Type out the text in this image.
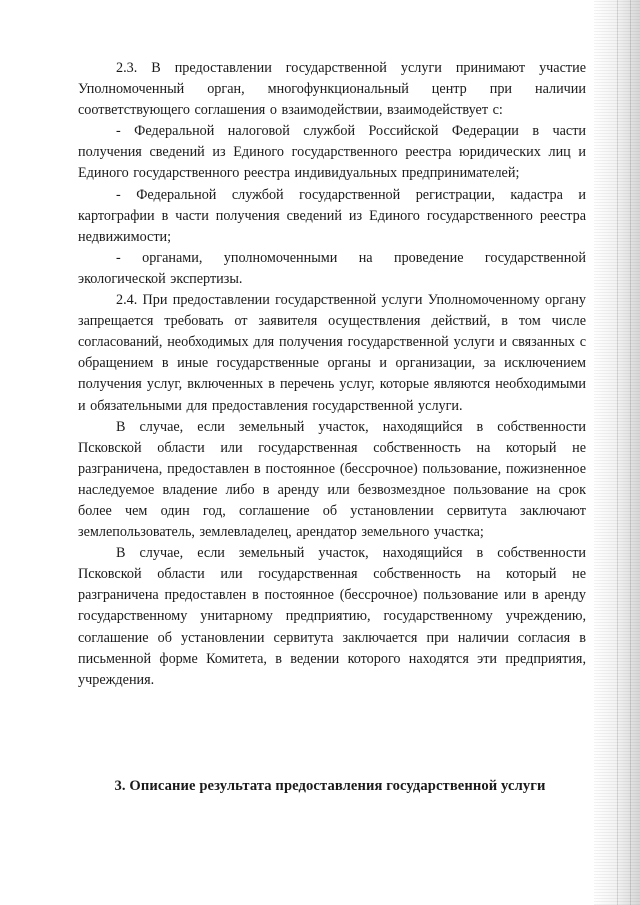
2.3. В предоставлении государственной услуги принимают участие Уполномоченный орган, многофункциональный центр при наличии соответствующего соглашения о взаимодействии, взаимодействует с:

- Федеральной налоговой службой Российской Федерации в части получения сведений из Единого государственного реестра юридических лиц и Единого государственного реестра индивидуальных предпринимателей;

- Федеральной службой государственной регистрации, кадастра и картографии в части получения сведений из Единого государственного реестра недвижимости;

- органами, уполномоченными на проведение государственной экологической экспертизы.

2.4. При предоставлении государственной услуги Уполномоченному органу запрещается требовать от заявителя осуществления действий, в том числе согласований, необходимых для получения государственной услуги и связанных с обращением в иные государственные органы и организации, за исключением получения услуг, включенных в перечень услуг, которые являются необходимыми и обязательными для предоставления государственной услуги.

В случае, если земельный участок, находящийся в собственности Псковской области или государственная собственность на который не разграничена, предоставлен в постоянное (бессрочное) пользование, пожизненное наследуемое владение либо в аренду или безвозмездное пользование на срок более чем один год, соглашение об установлении сервитута заключают землепользователь, землевладелец, арендатор земельного участка;

В случае, если земельный участок, находящийся в собственности Псковской области или государственная собственность на который не разграничена предоставлен в постоянное (бессрочное) пользование или в аренду государственному унитарному предприятию, государственному учреждению, соглашение об установлении сервитута заключается при наличии согласия в письменной форме Комитета, в ведении которого находятся эти предприятия, учреждения.

3. Описание результата предоставления государственной услуги
